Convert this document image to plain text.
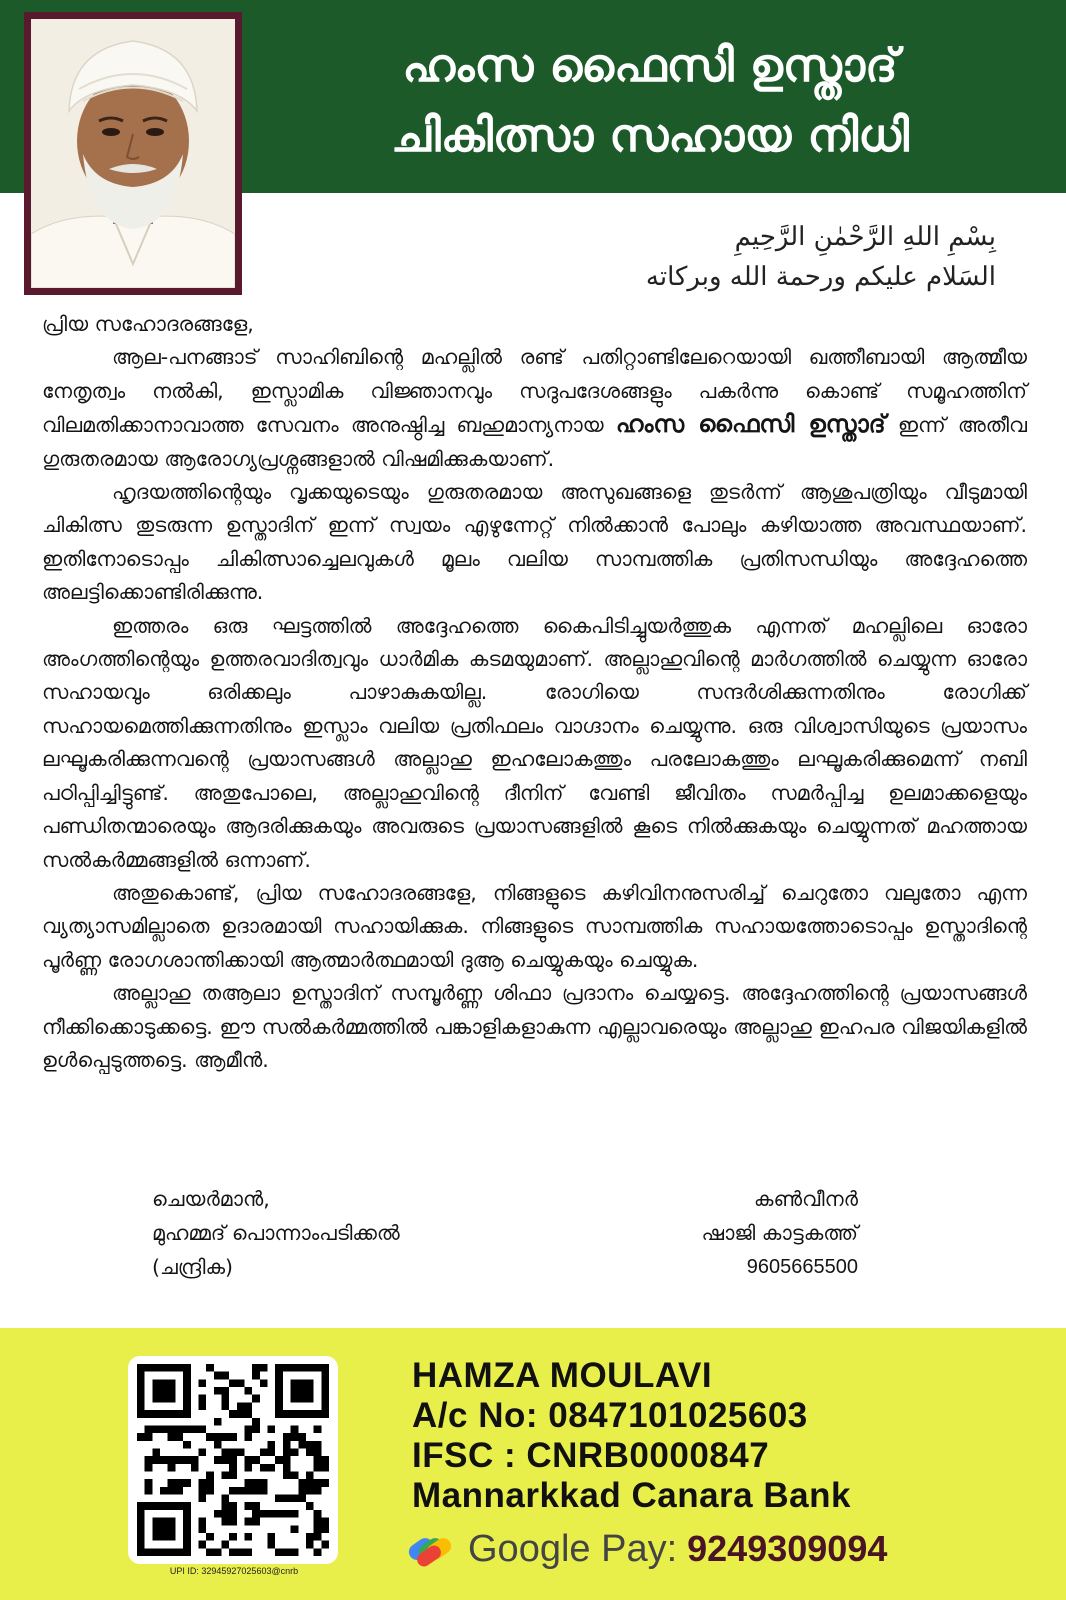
ഹംസ ഫൈസി ഉസ്താദ്
ചികിത്സാ സഹായ നിധി
بِسْمِ اللهِ الرَّحْمٰنِ الرَّحِيمِ
السَلام عليكم ورحمة الله وبركاته
പ്രിയ സഹോദരങ്ങളേ,

ആല-പനങ്ങാട് സാഹിബിന്റെ മഹല്ലിൽ രണ്ട് പതിറ്റാണ്ടിലേറെയായി ഖത്തീബായി ആത്മീയ നേതൃത്വം നൽകി, ഇസ്ലാമിക വിജ്ഞാനവും സദുപദേശങ്ങളും പകർന്നു കൊണ്ട് സമൂഹത്തിന് വിലമതിക്കാനാവാത്ത സേവനം അനുഷ്ഠിച്ച ബഹുമാന്യനായ ഹംസ ഫൈസി ഉസ്താദ് ഇന്ന് അതീവ ഗുരുതരമായ ആരോഗ്യപ്രശ്നങ്ങളാൽ വിഷമിക്കുകയാണ്.

ഹൃദയത്തിന്റെയും വൃക്കയുടെയും ഗുരുതരമായ അസുഖങ്ങളെ തുടർന്ന് ആശുപത്രിയും വീടുമായി ചികിത്സ തുടരുന്ന ഉസ്താദിന് ഇന്ന് സ്വയം എഴുന്നേറ്റ് നിൽക്കാൻ പോലും കഴിയാത്ത അവസ്ഥയാണ്. ഇതിനോടൊപ്പം ചികിത്സാച്ചെലവുകൾ മൂലം വലിയ സാമ്പത്തിക പ്രതിസന്ധിയും അദ്ദേഹത്തെ അലട്ടിക്കൊണ്ടിരിക്കുന്നു.

ഇത്തരം ഒരു ഘട്ടത്തിൽ അദ്ദേഹത്തെ കൈപിടിച്ചുയർത്തുക എന്നത് മഹല്ലിലെ ഓരോ അംഗത്തിന്റെയും ഉത്തരവാദിത്വവും ധാർമിക കടമയുമാണ്. അല്ലാഹുവിന്റെ മാർഗത്തിൽ ചെയ്യുന്ന ഓരോ സഹായവും ഒരിക്കലും പാഴാകുകയില്ല. രോഗിയെ സന്ദർശിക്കുന്നതിനും രോഗിക്ക് സഹായമെത്തിക്കുന്നതിനും ഇസ്ലാം വലിയ പ്രതിഫലം വാഗ്ദാനം ചെയ്യുന്നു. ഒരു വിശ്വാസിയുടെ പ്രയാസം ലഘൂകരിക്കുന്നവന്റെ പ്രയാസങ്ങൾ അല്ലാഹു ഇഹലോകത്തും പരലോകത്തും ലഘൂകരിക്കുമെന്ന് നബി പഠിപ്പിച്ചിട്ടുണ്ട്. അതുപോലെ, അല്ലാഹുവിന്റെ ദീനിന് വേണ്ടി ജീവിതം സമർപ്പിച്ച ഉലമാക്കളെയും പണ്ഡിതന്മാരെയും ആദരിക്കുകയും അവരുടെ പ്രയാസങ്ങളിൽ കൂടെ നിൽക്കുകയും ചെയ്യുന്നത് മഹത്തായ സൽകർമ്മങ്ങളിൽ ഒന്നാണ്.

അതുകൊണ്ട്, പ്രിയ സഹോദരങ്ങളേ, നിങ്ങളുടെ കഴിവിനനുസരിച്ച് ചെറുതോ വലുതോ എന്ന വ്യത്യാസമില്ലാതെ ഉദാരമായി സഹായിക്കുക. നിങ്ങളുടെ സാമ്പത്തിക സഹായത്തോടൊപ്പം ഉസ്താദിന്റെ പൂർണ്ണ രോഗശാന്തിക്കായി ആത്മാർത്ഥമായി ദുആ ചെയ്യുകയും ചെയ്യുക.

അല്ലാഹു തആലാ ഉസ്താദിന് സമ്പൂർണ്ണ ശിഫാ പ്രദാനം ചെയ്യട്ടെ. അദ്ദേഹത്തിന്റെ പ്രയാസങ്ങൾ നീക്കിക്കൊടുക്കട്ടെ. ഈ സൽകർമ്മത്തിൽ പങ്കാളികളാകുന്ന എല്ലാവരെയും അല്ലാഹു ഇഹപര വിജയികളിൽ ഉൾപ്പെടുത്തട്ടെ. ആമീൻ.

ചെയർമാൻ,
മുഹമ്മദ് പൊന്നാംപടിക്കൽ
(ചന്ദ്രിക)
കൺവീനർ
ഷാജി കാട്ടകത്ത്
9605665500
UPI ID: 32945927025603@cnrb
HAMZA MOULAVI
A/c No: 0847101025603
IFSC : CNRB0000847
Mannarkkad Canara Bank
Google Pay: 9249309094
